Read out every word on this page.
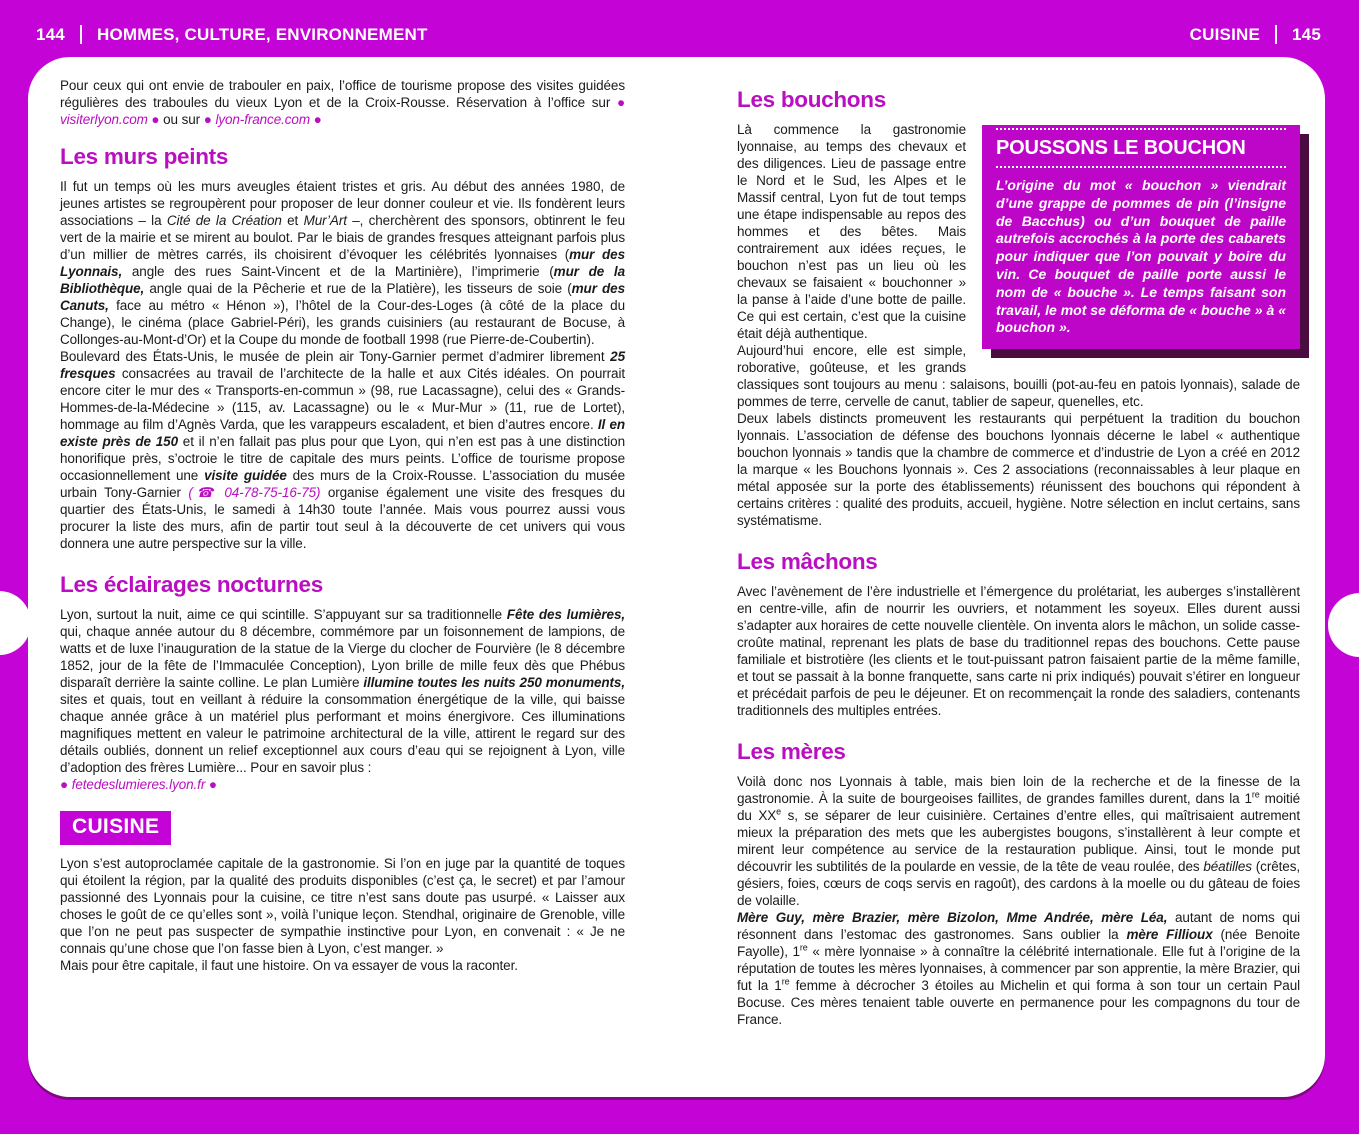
144 HOMMES, CULTURE, ENVIRONNEMENT	CUISINE 145

Pour ceux qui ont envie de trabouler en paix, l’office de tourisme propose des visites guidées régulières des traboules du vieux Lyon et de la Croix-Rousse. Réservation à l’office sur ● visiterlyon.com ● ou sur ● lyon-france.com ●

Les murs peints

Il fut un temps où les murs aveugles étaient tristes et gris. Au début des années 1980, de jeunes artistes se regroupèrent pour proposer de leur donner couleur et vie. Ils fondèrent leurs associations – la Cité de la Création et Mur’Art –, cherchèrent des sponsors, obtinrent le feu vert de la mairie et se mirent au boulot. Par le biais de grandes fresques atteignant parfois plus d’un millier de mètres carrés, ils choisirent d’évoquer les célébrités lyonnaises (mur des Lyonnais, angle des rues Saint-Vincent et de la Martinière), l’imprimerie (mur de la Bibliothèque, angle quai de la Pêcherie et rue de la Platière), les tisseurs de soie (mur des Canuts, face au métro « Hénon »), l’hôtel de la Cour-des-Loges (à côté de la place du Change), le cinéma (place Gabriel-Péri), les grands cuisiniers (au restaurant de Bocuse, à Collonges-au-Mont-d’Or) et la Coupe du monde de football 1998 (rue Pierre-de-Coubertin).

Boulevard des États-Unis, le musée de plein air Tony-Garnier permet d’admirer librement 25 fresques consacrées au travail de l’architecte de la halle et aux Cités idéales. On pourrait encore citer le mur des « Transports-en-commun » (98, rue Lacassagne), celui des « Grands-Hommes-de-la-Médecine » (115, av. Lacassagne) ou le « Mur-Mur » (11, rue de Lortet), hommage au film d’Agnès Varda, que les varappeurs escaladent, et bien d’autres encore. Il en existe près de 150 et il n’en fallait pas plus pour que Lyon, qui n’en est pas à une distinction honorifique près, s’octroie le titre de capitale des murs peints. L’office de tourisme propose occasionnellement une visite guidée des murs de la Croix-Rousse. L’association du musée urbain Tony-Garnier (☎ 04-78-75-16-75) organise également une visite des fresques du quartier des États-Unis, le samedi à 14h30 toute l’année. Mais vous pourrez aussi vous procurer la liste des murs, afin de partir tout seul à la découverte de cet univers qui vous donnera une autre perspective sur la ville.

Les éclairages nocturnes

Lyon, surtout la nuit, aime ce qui scintille. S’appuyant sur sa traditionnelle Fête des lumières, qui, chaque année autour du 8 décembre, commémore par un foisonnement de lampions, de watts et de luxe l’inauguration de la statue de la Vierge du clocher de Fourvière (le 8 décembre 1852, jour de la fête de l’Immaculée Conception), Lyon brille de mille feux dès que Phébus disparaît derrière la sainte colline. Le plan Lumière illumine toutes les nuits 250 monuments, sites et quais, tout en veillant à réduire la consommation énergétique de la ville, qui baisse chaque année grâce à un matériel plus performant et moins énergivore. Ces illuminations magnifiques mettent en valeur le patrimoine architectural de la ville, attirent le regard sur des détails oubliés, donnent un relief exceptionnel aux cours d’eau qui se rejoignent à Lyon, ville d’adoption des frères Lumière... Pour en savoir plus :

● fetedeslumieres.lyon.fr ●

CUISINE

Lyon s’est autoproclamée capitale de la gastronomie. Si l’on en juge par la quantité de toques qui étoilent la région, par la qualité des produits disponibles (c’est ça, le secret) et par l’amour passionné des Lyonnais pour la cuisine, ce titre n’est sans doute pas usurpé. « Laisser aux choses le goût de ce qu’elles sont », voilà l’unique leçon. Stendhal, originaire de Grenoble, ville que l’on ne peut pas suspecter de sympathie instinctive pour Lyon, en convenait : « Je ne connais qu’une chose que l’on fasse bien à Lyon, c’est manger. »

Mais pour être capitale, il faut une histoire. On va essayer de vous la raconter.

Les bouchons
POUSSONS LE BOUCHON
L’origine du mot « bouchon » viendrait d’une grappe de pommes de pin (l’insigne de Bacchus) ou d’un bouquet de paille autrefois accrochés à la porte des cabarets pour indiquer que l’on pouvait y boire du vin. Ce bouquet de paille porte aussi le nom de « bouche ». Le temps faisant son travail, le mot se déforma de « bouche » à « bouchon ».

Là commence la gastronomie lyonnaise, au temps des chevaux et des diligences. Lieu de passage entre le Nord et le Sud, les Alpes et le Massif central, Lyon fut de tout temps une étape indispensable au repos des hommes et des bêtes. Mais contrairement aux idées reçues, le bouchon n’est pas un lieu où les chevaux se faisaient « bouchonner » la panse à l’aide d’une botte de paille. Ce qui est certain, c’est que la cuisine était déjà authentique.

Aujourd’hui encore, elle est simple, roborative, goûteuse, et les grands classiques sont toujours au menu : salaisons, bouilli (pot-au-feu en patois lyonnais), salade de pommes de terre, cervelle de canut, tablier de sapeur, quenelles, etc.

Deux labels distincts promeuvent les restaurants qui perpétuent la tradition du bouchon lyonnais. L’association de défense des bouchons lyonnais décerne le label « authentique bouchon lyonnais » tandis que la chambre de commerce et d’industrie de Lyon a créé en 2012 la marque « les Bouchons lyonnais ». Ces 2 associations (reconnaissables à leur plaque en métal apposée sur la porte des établissements) réunissent des bouchons qui répondent à certains critères : qualité des produits, accueil, hygiène. Notre sélection en inclut certains, sans systématisme.

Les mâchons

Avec l’avènement de l’ère industrielle et l’émergence du prolétariat, les auberges s’installèrent en centre-ville, afin de nourrir les ouvriers, et notamment les soyeux. Elles durent aussi s’adapter aux horaires de cette nouvelle clientèle. On inventa alors le mâchon, un solide casse-croûte matinal, reprenant les plats de base du traditionnel repas des bouchons. Cette pause familiale et bistrotière (les clients et le tout-puissant patron faisaient partie de la même famille, et tout se passait à la bonne franquette, sans carte ni prix indiqués) pouvait s’étirer en longueur et précédait parfois de peu le déjeuner. Et on recommençait la ronde des saladiers, contenants traditionnels des multiples entrées.

Les mères

Voilà donc nos Lyonnais à table, mais bien loin de la recherche et de la finesse de la gastronomie. À la suite de bourgeoises faillites, de grandes familles durent, dans la 1re moitié du XXe s, se séparer de leur cuisinière. Certaines d’entre elles, qui maîtrisaient autrement mieux la préparation des mets que les aubergistes bougons, s’installèrent à leur compte et mirent leur compétence au service de la restauration publique. Ainsi, tout le monde put découvrir les subtilités de la poularde en vessie, de la tête de veau roulée, des béatilles (crêtes, gésiers, foies, cœurs de coqs servis en ragoût), des cardons à la moelle ou du gâteau de foies de volaille.

Mère Guy, mère Brazier, mère Bizolon, Mme Andrée, mère Léa, autant de noms qui résonnent dans l’estomac des gastronomes. Sans oublier la mère Fillioux (née Benoite Fayolle), 1re « mère lyonnaise » à connaître la célébrité internationale. Elle fut à l’origine de la réputation de toutes les mères lyonnaises, à commencer par son apprentie, la mère Brazier, qui fut la 1re femme à décrocher 3 étoiles au Michelin et qui forma à son tour un certain Paul Bocuse. Ces mères tenaient table ouverte en permanence pour les compagnons du tour de France.
